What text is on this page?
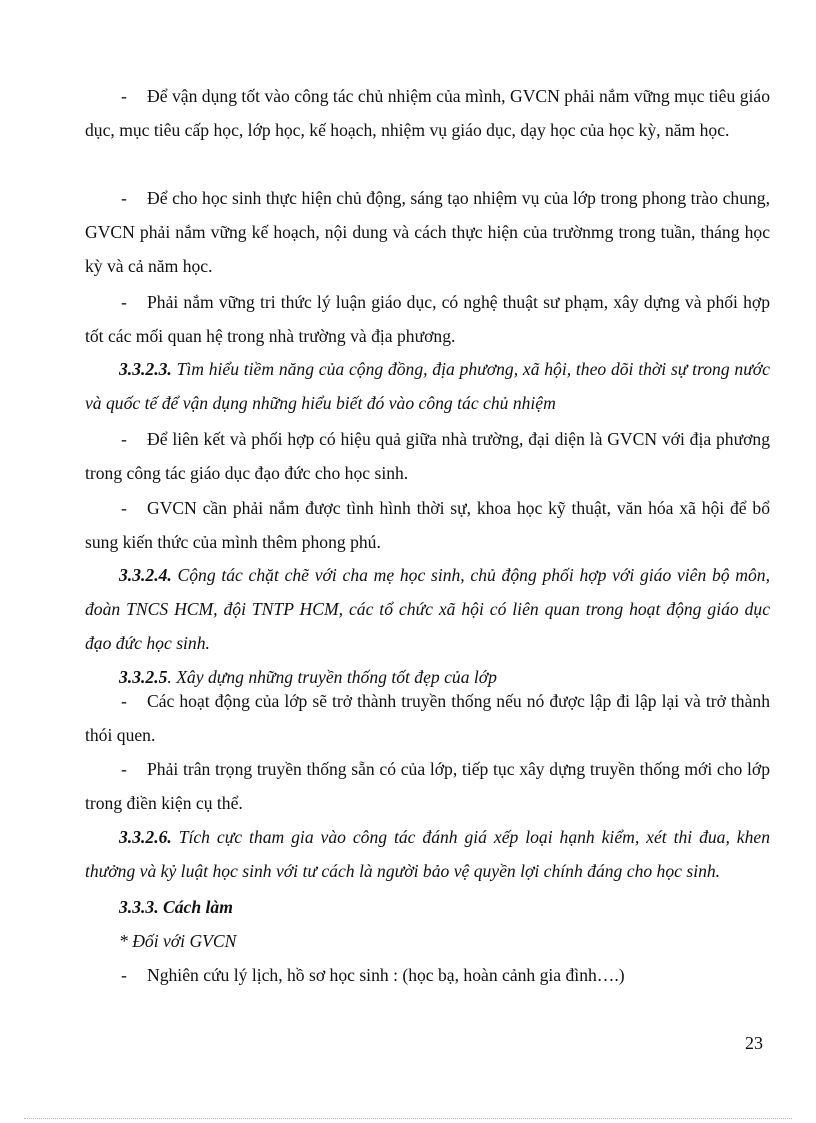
- Để vận dụng tốt vào công tác chủ nhiệm của mình, GVCN phải nắm vững mục tiêu giáo dục, mục tiêu cấp học, lớp học, kế hoạch, nhiệm vụ giáo dục, dạy học của học kỳ, năm học.
- Để cho học sinh thực hiện chủ động, sáng tạo nhiệm vụ của lớp trong phong trào chung, GVCN phải nắm vững kế hoạch, nội dung và cách thực hiện của trườnmg trong tuần, tháng học kỳ và cả năm học.
- Phải nắm vững tri thức lý luận giáo dục, có nghệ thuật sư phạm, xây dựng và phối hợp tốt các mối quan hệ trong nhà trường và địa phương.
3.3.2.3. Tìm hiểu tiềm năng của cộng đồng, địa phương, xã hội, theo dõi thời sự trong nước và quốc tế để vận dụng những hiểu biết đó vào công tác chủ nhiệm
- Để liên kết và phối hợp có hiệu quả giữa nhà trường, đại diện là GVCN với địa phương trong công tác giáo dục đạo đức cho học sinh.
- GVCN cần phải nắm được tình hình thời sự, khoa học kỹ thuật, văn hóa xã hội để bổ sung kiến thức của mình thêm phong phú.
3.3.2.4. Cộng tác chặt chẽ với cha mẹ học sinh, chủ động phối hợp với giáo viên bộ môn, đoàn TNCS HCM, đội TNTP HCM, các tổ chức xã hội có liên quan trong hoạt động giáo dục đạo đức học sinh.
3.3.2.5. Xây dựng những truyền thống tốt đẹp của lớp
- Các hoạt động của lớp sẽ trở thành truyền thống nếu nó được lập đi lập lại và trở thành thói quen.
- Phải trân trọng truyền thống sẵn có của lớp, tiếp tục xây dựng truyền thống mới cho lớp trong điền kiện cụ thể.
3.3.2.6. Tích cực tham gia vào công tác đánh giá xếp loại hạnh kiểm, xét thi đua, khen thưởng và kỷ luật học sinh với tư cách là người bảo vệ quyền lợi chính đáng cho học sinh.
3.3.3. Cách làm
* Đối với GVCN
- Nghiên cứu lý lịch, hồ sơ học sinh : (học bạ, hoàn cảnh gia đình….)
23
